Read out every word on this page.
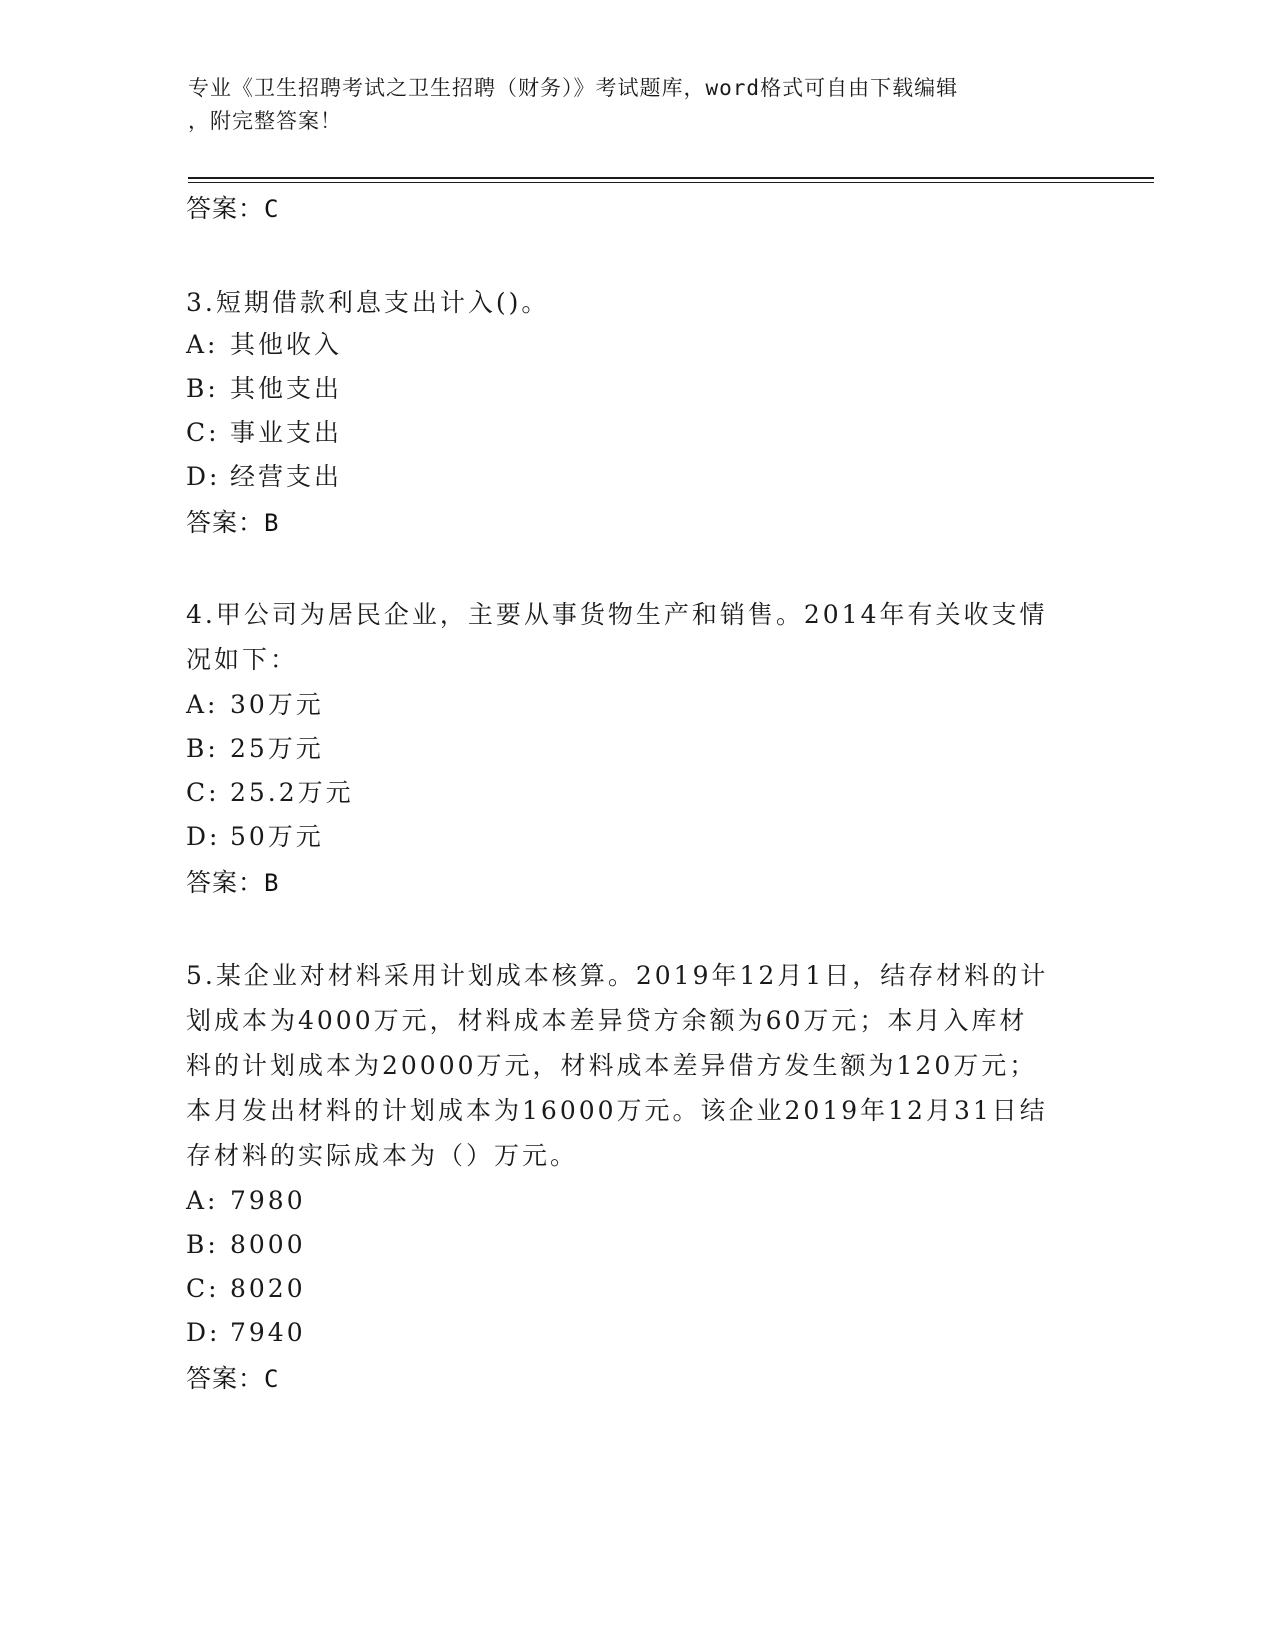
专业《卫生招聘考试之卫生招聘（财务）》考试题库，word格式可自由下载编辑
，附完整答案！
答案：C
3.短期借款利息支出计入()。
A: 其他收入
B: 其他支出
C: 事业支出
D: 经营支出
答案：B
4.甲公司为居民企业，主要从事货物生产和销售。2014年有关收支情
况如下：
A: 30万元
B: 25万元
C: 25.2万元
D: 50万元
答案：B
5.某企业对材料采用计划成本核算。2019年12月1日，结存材料的计
划成本为4000万元，材料成本差异贷方余额为60万元；本月入库材
料的计划成本为20000万元，材料成本差异借方发生额为120万元；
本月发出材料的计划成本为16000万元。该企业2019年12月31日结
存材料的实际成本为（）万元。
A: 7980
B: 8000
C: 8020
D: 7940
答案：C
